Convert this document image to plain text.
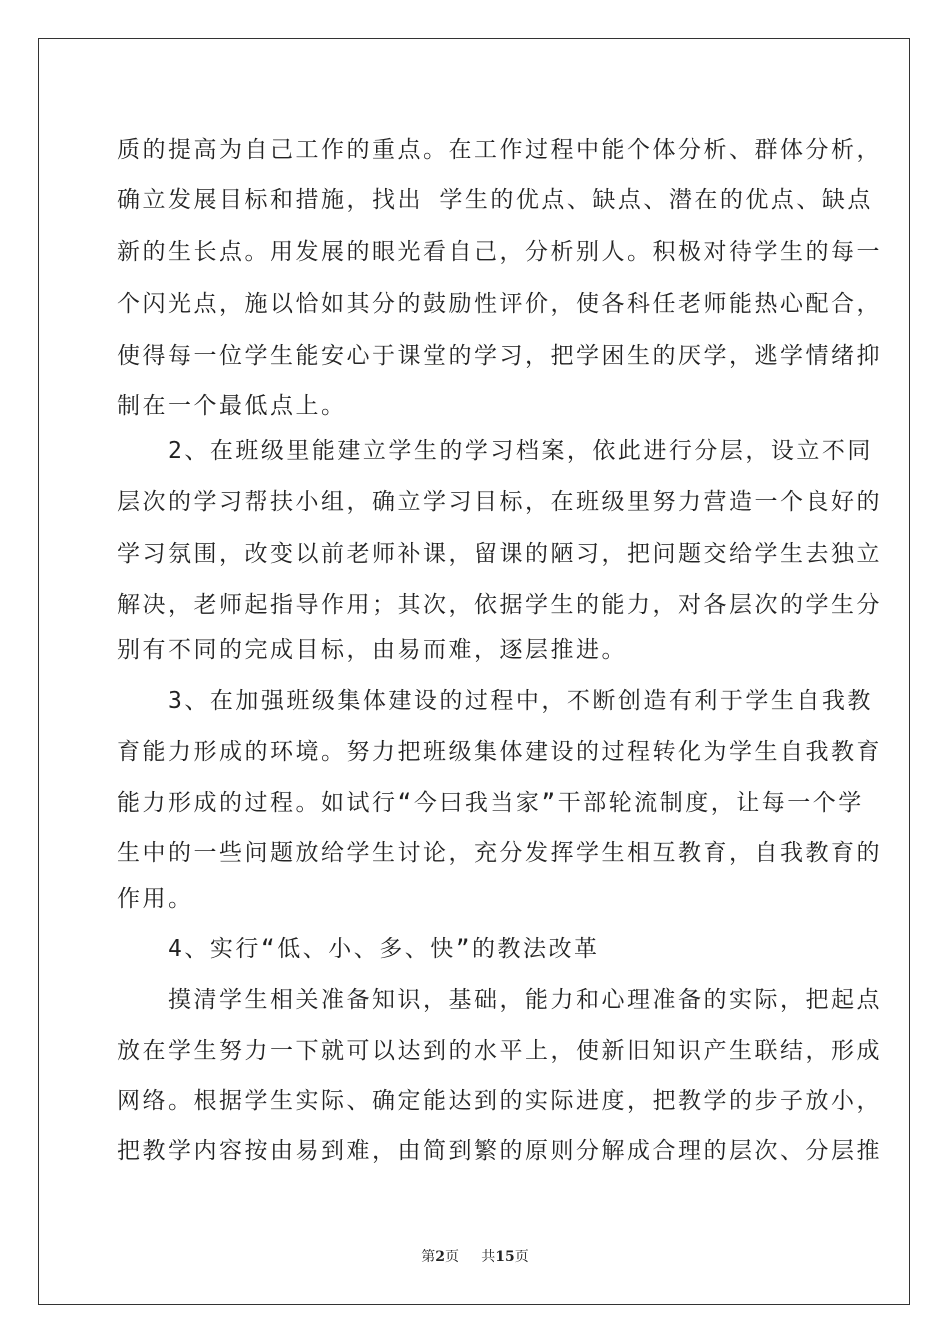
质的提高为自己工作的重点。在工作过程中能个体分析、群体分析，
确立发展目标和措施，找出 学生的优点、缺点、潜在的优点、缺点
新的生长点。用发展的眼光看自己，分析别人。积极对待学生的每一
个闪光点，施以恰如其分的鼓励性评价，使各科任老师能热心配合，
使得每一位学生能安心于课堂的学习，把学困生的厌学，逃学情绪抑
制在一个最低点上。
　　2、在班级里能建立学生的学习档案，依此进行分层，设立不同
层次的学习帮扶小组，确立学习目标，在班级里努力营造一个良好的
学习氛围，改变以前老师补课，留课的陋习，把问题交给学生去独立
解决，老师起指导作用；其次，依据学生的能力，对各层次的学生分
别有不同的完成目标，由易而难，逐层推进。
　　3、在加强班级集体建设的过程中，不断创造有利于学生自我教
育能力形成的环境。努力把班级集体建设的过程转化为学生自我教育
能力形成的过程。如试行“今曰我当家”干部轮流制度，让每一个学
生中的一些问题放给学生讨论，充分发挥学生相互教育，自我教育的
作用。
　　4、实行“低、小、多、快”的教法改革
　　摸清学生相关准备知识，基础，能力和心理准备的实际，把起点
放在学生努力一下就可以达到的水平上，使新旧知识产生联结，形成
网络。根据学生实际、确定能达到的实际进度，把教学的步子放小，
把教学内容按由易到难，由简到繁的原则分解成合理的层次、分层推
第2页 共15页
